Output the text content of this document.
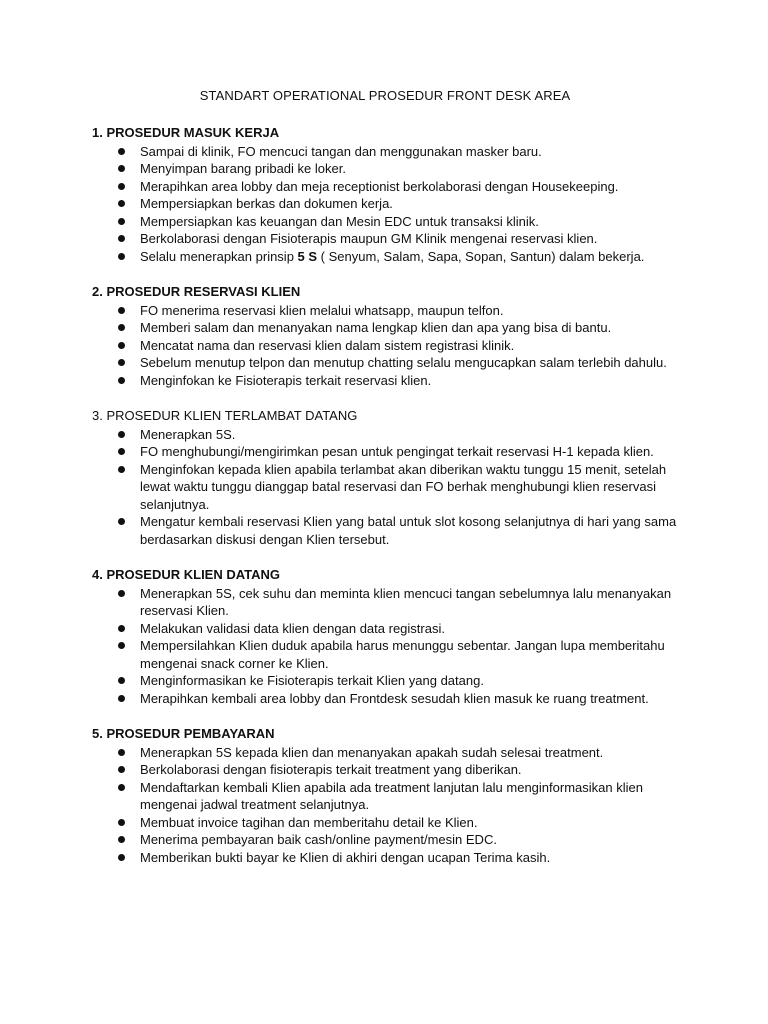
STANDART OPERATIONAL PROSEDUR FRONT DESK AREA
1. PROSEDUR MASUK KERJA
Sampai di klinik, FO mencuci tangan dan menggunakan masker baru.
Menyimpan barang pribadi ke loker.
Merapihkan area lobby dan meja receptionist berkolaborasi dengan Housekeeping.
Mempersiapkan berkas dan dokumen kerja.
Mempersiapkan kas keuangan dan Mesin EDC untuk transaksi klinik.
Berkolaborasi dengan Fisioterapis maupun GM Klinik mengenai reservasi klien.
Selalu menerapkan prinsip 5 S ( Senyum, Salam, Sapa, Sopan, Santun) dalam bekerja.
2. PROSEDUR RESERVASI KLIEN
FO menerima reservasi klien melalui whatsapp, maupun telfon.
Memberi salam dan menanyakan nama lengkap klien dan apa yang bisa di bantu.
Mencatat nama dan reservasi klien dalam sistem registrasi klinik.
Sebelum menutup telpon dan menutup chatting selalu mengucapkan salam terlebih dahulu.
Menginfokan ke Fisioterapis terkait reservasi klien.
3. PROSEDUR KLIEN TERLAMBAT DATANG
Menerapkan 5S.
FO menghubungi/mengirimkan pesan untuk pengingat terkait reservasi H-1 kepada klien.
Menginfokan kepada klien apabila terlambat akan diberikan waktu tunggu 15 menit, setelah lewat waktu tunggu dianggap batal reservasi dan FO berhak menghubungi klien reservasi selanjutnya.
Mengatur kembali reservasi Klien yang batal untuk slot kosong selanjutnya di hari yang sama berdasarkan diskusi dengan Klien tersebut.
4. PROSEDUR KLIEN DATANG
Menerapkan 5S, cek suhu dan meminta klien mencuci tangan sebelumnya lalu menanyakan reservasi Klien.
Melakukan validasi data klien dengan data registrasi.
Mempersilahkan Klien duduk apabila harus menunggu sebentar. Jangan lupa memberitahu mengenai snack corner ke Klien.
Menginformasikan ke Fisioterapis terkait Klien yang datang.
Merapihkan kembali area lobby dan Frontdesk sesudah klien masuk ke ruang treatment.
5. PROSEDUR PEMBAYARAN
Menerapkan 5S kepada klien dan menanyakan apakah sudah selesai treatment.
Berkolaborasi dengan fisioterapis terkait treatment yang diberikan.
Mendaftarkan kembali Klien apabila ada treatment lanjutan lalu menginformasikan klien mengenai jadwal treatment selanjutnya.
Membuat invoice tagihan dan memberitahu detail ke Klien.
Menerima pembayaran baik cash/online payment/mesin EDC.
Memberikan bukti bayar ke Klien di akhiri dengan ucapan Terima kasih.
